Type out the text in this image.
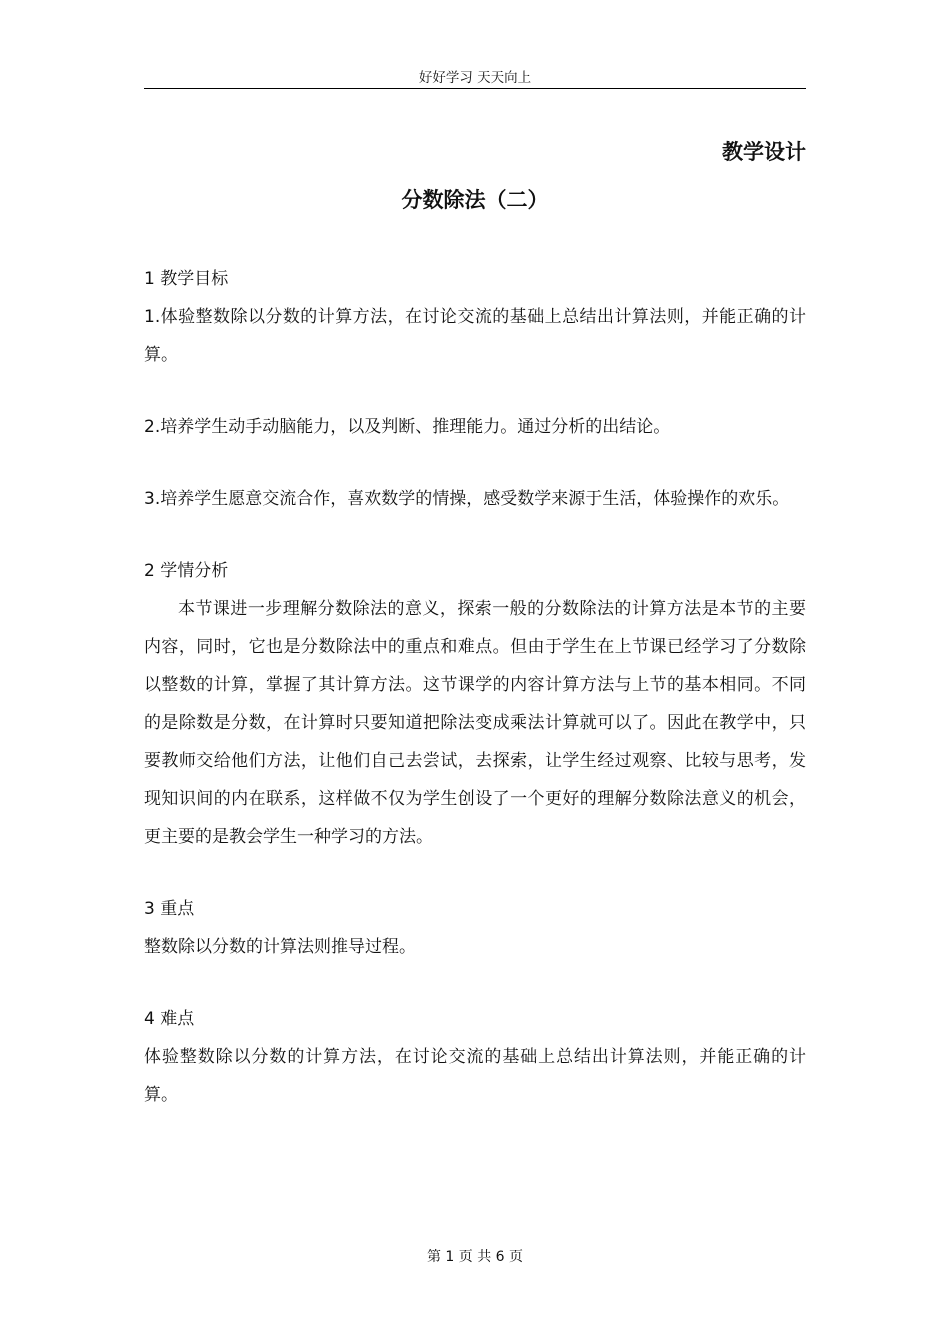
好好学习 天天向上
教学设计
分数除法（二）

1 教学目标

1.体验整数除以分数的计算方法，在讨论交流的基础上总结出计算法则，并能正确的计算。

2.培养学生动手动脑能力，以及判断、推理能力。通过分析的出结论。

3.培养学生愿意交流合作，喜欢数学的情操，感受数学来源于生活，体验操作的欢乐。

2 学情分析

本节课进一步理解分数除法的意义，探索一般的分数除法的计算方法是本节的主要内容，同时，它也是分数除法中的重点和难点。但由于学生在上节课已经学习了分数除以整数的计算，掌握了其计算方法。这节课学的内容计算方法与上节的基本相同。不同的是除数是分数，在计算时只要知道把除法变成乘法计算就可以了。因此在教学中，只要教师交给他们方法，让他们自己去尝试，去探索，让学生经过观察、比较与思考，发现知识间的内在联系，这样做不仅为学生创设了一个更好的理解分数除法意义的机会，更主要的是教会学生一种学习的方法。

3 重点

整数除以分数的计算法则推导过程。

4 难点

体验整数除以分数的计算方法，在讨论交流的基础上总结出计算法则，并能正确的计算。

第 1 页 共 6 页
